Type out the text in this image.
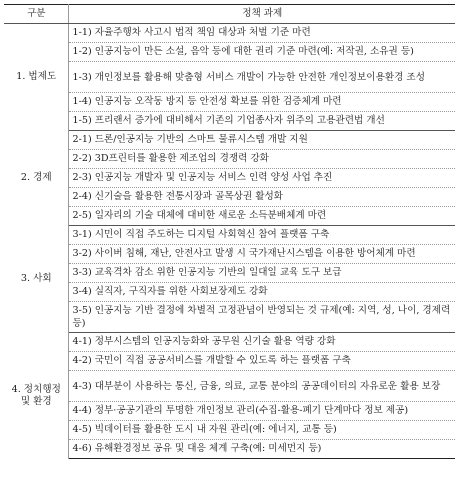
구분	정책 과제
1. 법제도	1-1) 자율주행차 사고시 법적 책임 대상과 처벌 기준 마련
	1-2) 인공지능이 만든 소설, 음악 등에 대한 권리 기준 마련(예: 저작권, 소유권 등)
	1-3) 개인정보를 활용해 맞춤형 서비스 개발이 가능한 안전한 개인정보이용환경 조성
	1-4) 인공지능 오작동 방지 등 안전성 확보를 위한 검증체계 마련
	1-5) 프리랜서 증가에 대비해서 기존의 기업종사자 위주의 고용관련법 개선
2. 경제	2-1) 드론/인공지능 기반의 스마트 물류시스템 개발 지원
	2-2) 3D프린터를 활용한 제조업의 경쟁력 강화
	2-3) 인공지능 개발자 및 인공지능 서비스 인력 양성 사업 추진
	2-4) 신기술을 활용한 전통시장과 골목상권 활성화
	2-5) 일자리의 기술 대체에 대비한 새로운 소득분배체계 마련
3. 사회	3-1) 시민이 직접 주도하는 디지털 사회혁신 참여 플랫폼 구축
	3-2) 사이버 침해, 재난, 안전사고 발생 시 국가재난시스템을 이용한 방어체계 마련
	3-3) 교육격차 감소 위한 인공지능 기반의 일대일 교육 도구 보급
	3-4) 실직자, 구직자를 위한 사회보장제도 강화
	3-5) 인공지능 기반 결정에 차별적 고정관념이 반영되는 것 규제(예: 지역, 성, 나이, 경제력 등)
4. 정치행정 및 환경	4-1) 정부시스템의 인공지능화와 공무원 신기술 활용 역량 강화
	4-2) 국민이 직접 공공서비스를 개발할 수 있도록 하는 플랫폼 구축
	4-3) 대부분이 사용하는 통신, 금융, 의료, 교통 분야의 공공데이터의 자유로운 활용 보장
	4-4) 정부·공공기관의 투명한 개인정보 관리(수집-활용-폐기 단계마다 정보 제공)
	4-5) 빅데이터를 활용한 도시 내 자원 관리(예: 에너지, 교통 등)
	4-6) 유해환경정보 공유 및 대응 체계 구축(예: 미세먼지 등)
